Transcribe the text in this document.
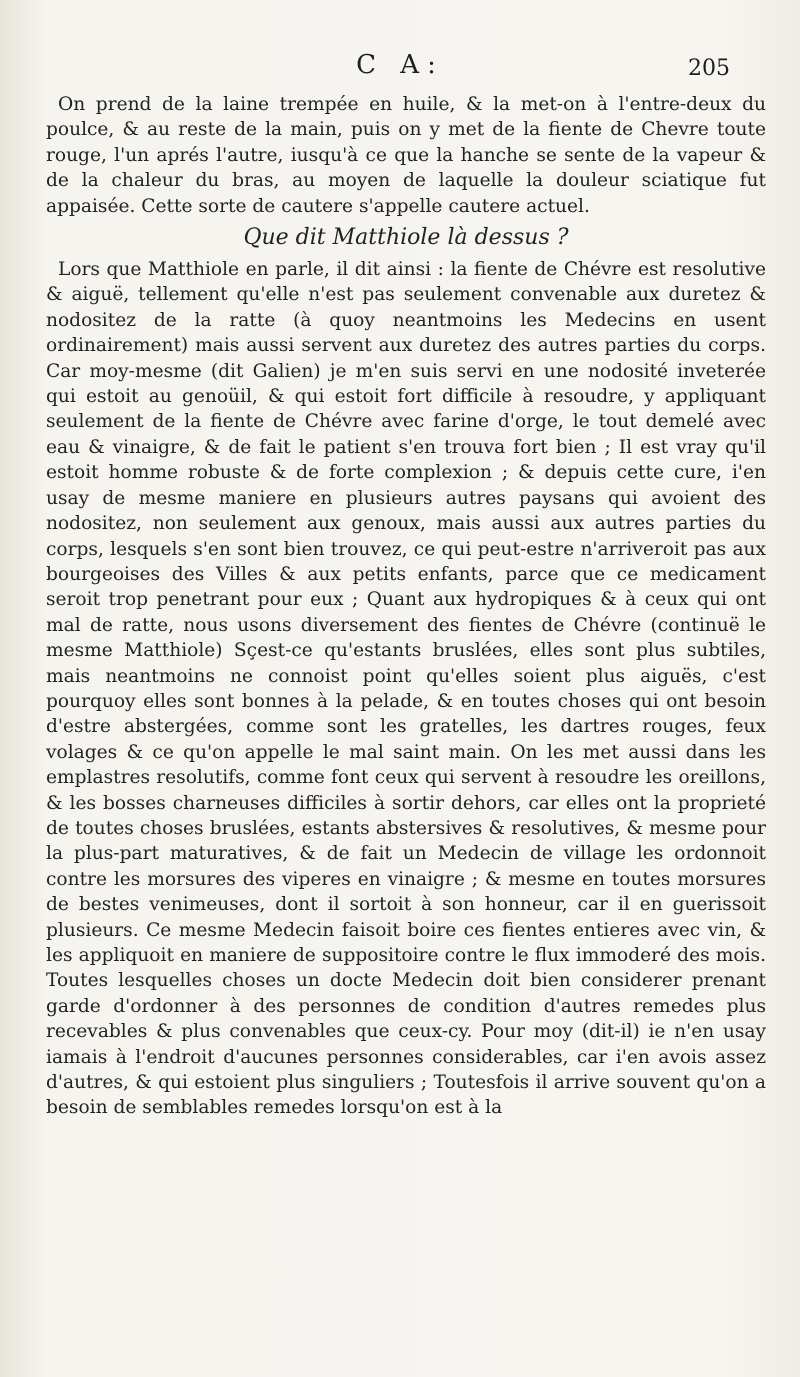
C A:	205

On prend de la laine trempée en huile, & la met-on à l'entre-deux du poulce, & au reste de la main, puis on y met de la fiente de Chevre toute rouge, l'un aprés l'autre, iusqu'à ce que la hanche se sente de la vapeur & de la chaleur du bras, au moyen de laquelle la douleur sciatique fut appaisée. Cette sorte de cautere s'appelle cautere actuel.

Que dit Matthiole là dessus ?

Lors que Matthiole en parle, il dit ainsi : la fiente de Chévre est resolutive & aiguë, tellement qu'elle n'est pas seulement convenable aux duretez & nodositez de la ratte (à quoy neantmoins les Medecins en usent ordinairement) mais aussi servent aux duretez des autres parties du corps. Car moy-mesme (dit Galien) je m'en suis servi en une nodosité inveterée qui estoit au genoüil, & qui estoit fort difficile à resoudre, y appliquant seulement de la fiente de Chévre avec farine d'orge, le tout demelé avec eau & vinaigre, & de fait le patient s'en trouva fort bien ; Il est vray qu'il estoit homme robuste & de forte complexion ; & depuis cette cure, i'en usay de mesme maniere en plusieurs autres paysans qui avoient des nodositez, non seulement aux genoux, mais aussi aux autres parties du corps, lesquels s'en sont bien trouvez, ce qui peut-estre n'arriveroit pas aux bourgeoises des Villes & aux petits enfants, parce que ce medicament seroit trop penetrant pour eux ; Quant aux hydropiques & à ceux qui ont mal de ratte, nous usons diversement des fientes de Chévre (continuë le mesme Matthiole) Sçest-ce qu'estants bruslées, elles sont plus subtiles, mais neantmoins ne connoist point qu'elles soient plus aiguës, c'est pourquoy elles sont bonnes à la pelade, & en toutes choses qui ont besoin d'estre abstergées, comme sont les gratelles, les dartres rouges, feux volages & ce qu'on appelle le mal saint main. On les met aussi dans les emplastres resolutifs, comme font ceux qui servent à resoudre les oreillons, & les bosses charneuses difficiles à sortir dehors, car elles ont la proprieté de toutes choses bruslées, estants abstersives & resolutives, & mesme pour la plus-part maturatives, & de fait un Medecin de village les ordonnoit contre les morsures des viperes en vinaigre ; & mesme en toutes morsures de bestes venimeuses, dont il sortoit à son honneur, car il en guerissoit plusieurs. Ce mesme Medecin faisoit boire ces fientes entieres avec vin, & les appliquoit en maniere de suppositoire contre le flux immoderé des mois. Toutes lesquelles choses un docte Medecin doit bien considerer prenant garde d'ordonner à des personnes de condition d'autres remedes plus recevables & plus convenables que ceux-cy. Pour moy (dit-il) ie n'en usay iamais à l'endroit d'aucunes personnes considerables, car i'en avois assez d'autres, & qui estoient plus singuliers ; Toutesfois il arrive souvent qu'on a besoin de semblables remedes lorsqu'on est à la
